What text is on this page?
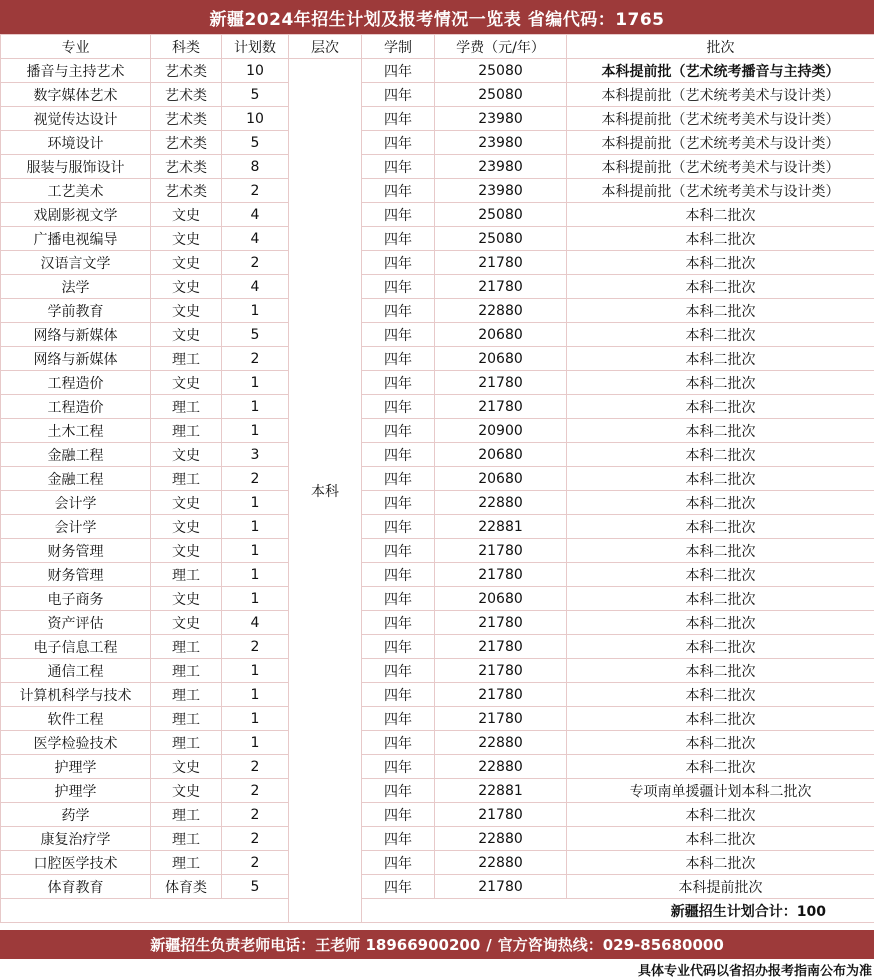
新疆2024年招生计划及报考情况一览表 省编代码：1765
专业	科类	计划数	层次	学制	学费（元/年）	批次
播音与主持艺术	艺术类	10	本科	四年	25080	本科提前批（艺术统考播音与主持类）
数字媒体艺术	艺术类	5		四年	25080	本科提前批（艺术统考美术与设计类）
视觉传达设计	艺术类	10		四年	23980	本科提前批（艺术统考美术与设计类）
环境设计	艺术类	5		四年	23980	本科提前批（艺术统考美术与设计类）
服装与服饰设计	艺术类	8		四年	23980	本科提前批（艺术统考美术与设计类）
工艺美术	艺术类	2		四年	23980	本科提前批（艺术统考美术与设计类）
戏剧影视文学	文史	4		四年	25080	本科二批次
广播电视编导	文史	4		四年	25080	本科二批次
汉语言文学	文史	2		四年	21780	本科二批次
法学	文史	4		四年	21780	本科二批次
学前教育	文史	1		四年	22880	本科二批次
网络与新媒体	文史	5		四年	20680	本科二批次
网络与新媒体	理工	2		四年	20680	本科二批次
工程造价	文史	1		四年	21780	本科二批次
工程造价	理工	1		四年	21780	本科二批次
土木工程	理工	1		四年	20900	本科二批次
金融工程	文史	3		四年	20680	本科二批次
金融工程	理工	2		四年	20680	本科二批次
会计学	文史	1		四年	22880	本科二批次
会计学	文史	1		四年	22881	本科二批次
财务管理	文史	1		四年	21780	本科二批次
财务管理	理工	1		四年	21780	本科二批次
电子商务	文史	1		四年	20680	本科二批次
资产评估	文史	4		四年	21780	本科二批次
电子信息工程	理工	2		四年	21780	本科二批次
通信工程	理工	1		四年	21780	本科二批次
计算机科学与技术	理工	1		四年	21780	本科二批次
软件工程	理工	1		四年	21780	本科二批次
医学检验技术	理工	1		四年	22880	本科二批次
护理学	文史	2		四年	22880	本科二批次
护理学	文史	2		四年	22881	专项南单援疆计划本科二批次
药学	理工	2		四年	21780	本科二批次
康复治疗学	理工	2		四年	22880	本科二批次
口腔医学技术	理工	2		四年	22880	本科二批次
体育教育	体育类	5		四年	21780	本科提前批次
				新疆招生计划合计：100		
新疆招生负责老师电话：王老师 18966900200 / 官方咨询热线：029-85680000
具体专业代码以省招办报考指南公布为准
